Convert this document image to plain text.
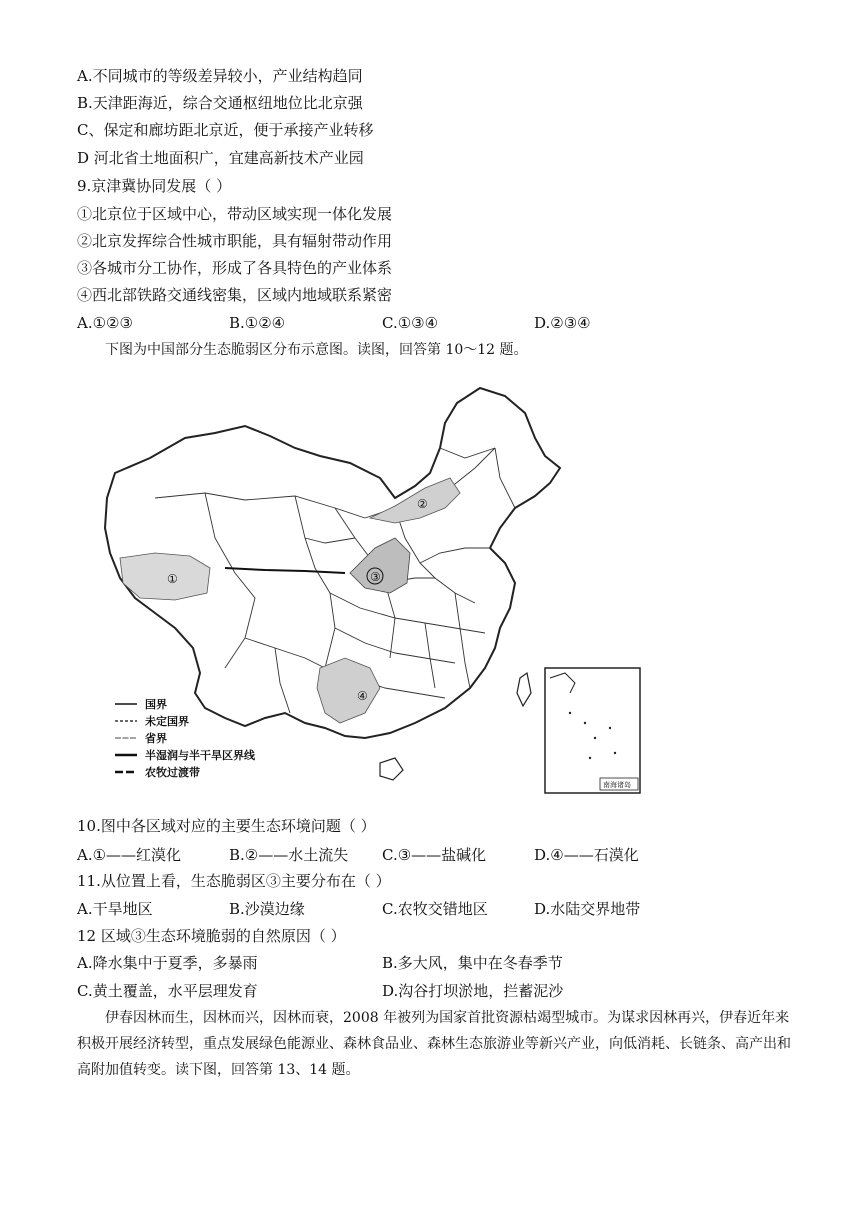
A.不同城市的等级差异较小，产业结构趋同
B.天津距海近，综合交通枢纽地位比北京强
C、保定和廊坊距北京近，便于承接产业转移
D 河北省土地面积广，宜建高新技术产业园
9.京津冀协同发展（ ）
①北京位于区域中心，带动区域实现一体化发展
②北京发挥综合性城市职能，具有辐射带动作用
③各城市分工协作，形成了各具特色的产业体系
④西北部铁路交通线密集，区域内地域联系紧密
A.①②③	B.①②④	C.①③④	D.②③④
下图为中国部分生态脆弱区分布示意图。读图，回答第 10～12 题。
①
②
③
④
南海诸岛
国界
未定国界
省界
半湿润与半干旱区界线
农牧过渡带
10.图中各区域对应的主要生态环境问题（ ）
A.①——红漠化	B.②——水土流失 C.③——盐碱化	D.④——石漠化
11.从位置上看，生态脆弱区③主要分布在（ ）
A.干旱地区	B.沙漠边缘	C.农牧交错地区	D.水陆交界地带
12 区域③生态环境脆弱的自然原因（ ）
A.降水集中于夏季，多暴雨	B.多大风，集中在冬春季节
C.黄土覆盖，水平层理发育	D.沟谷打坝淤地，拦蓄泥沙
伊春因林而生，因林而兴，因林而衰，2008 年被列为国家首批资源枯竭型城市。为谋求因林再兴，伊春近年来积极开展经济转型，重点发展绿色能源业、森林食品业、森林生态旅游业等新兴产业，向低消耗、长链条、高产出和高附加值转变。读下图，回答第 13、14 题。
